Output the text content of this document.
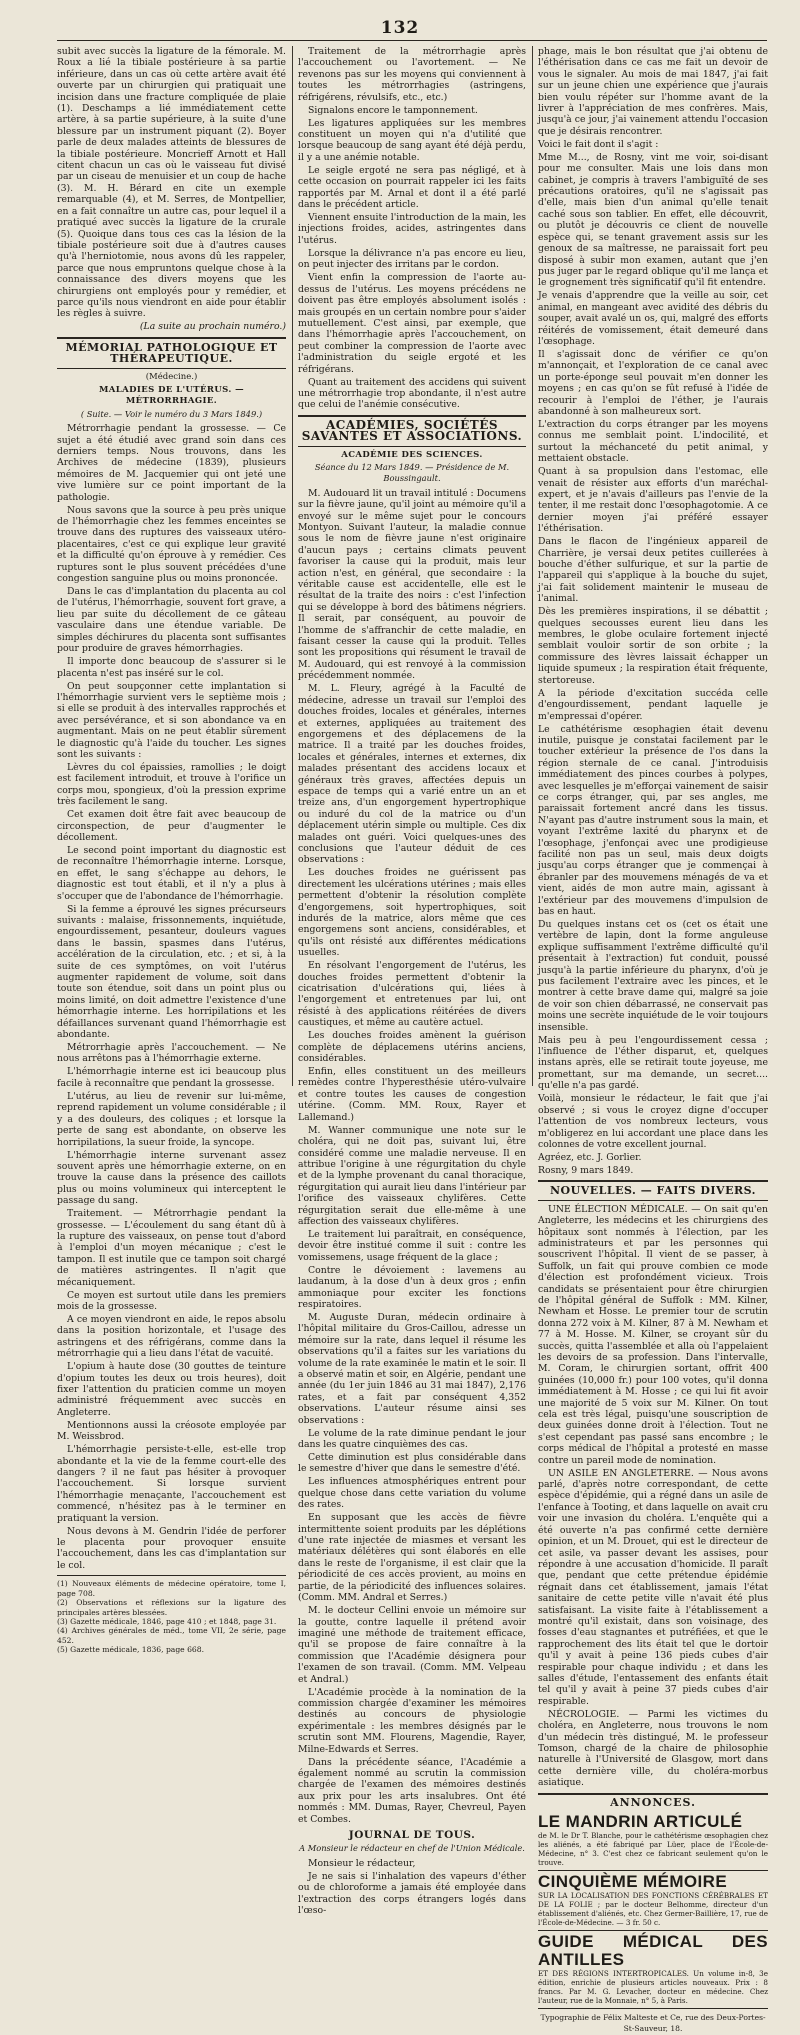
132

subit avec succès la ligature de la fémorale. M. Roux a lié la tibiale postérieure à sa partie inférieure, dans un cas où cette artère avait été ouverte par un chirurgien qui pratiquait une incision dans une fracture compliquée de plaie (1). Deschamps a lié immédiatement cette artère, à sa partie supérieure, à la suite d'une blessure par un instrument piquant (2). Boyer parle de deux malades atteints de blessures de la tibiale postérieure. Moncrieff Arnott et Hall citent chacun un cas où le vaisseau fut divisé par un ciseau de menuisier et un coup de hache (3). M. H. Bérard en cite un exemple remarquable (4), et M. Serres, de Montpellier, en a fait connaître un autre cas, pour lequel il a pratiqué avec succès la ligature de la crurale (5). Quoique dans tous ces cas la lésion de la tibiale postérieure soit due à d'autres causes qu'à l'herniotomie, nous avons dû les rappeler, parce que nous empruntons quelque chose à la connaissance des divers moyens que les chirurgiens ont employés pour y remédier, et parce qu'ils nous viendront en aide pour établir les règles à suivre.

(La suite au prochain numéro.)

MÉMORIAL PATHOLOGIQUE ET THÉRAPEUTIQUE.
(Médecine.)
MALADIES DE L'UTÉRUS. — MÉTRORRHAGIE.
( Suite. — Voir le numéro du 3 Mars 1849.)

Métrorrhagie pendant la grossesse. — Ce sujet a été étudié avec grand soin dans ces derniers temps. Nous trouvons, dans les Archives de médecine (1839), plusieurs mémoires de M. Jacquemier qui ont jeté une vive lumière sur ce point important de la pathologie.

Nous savons que la source à peu près unique de l'hémorrhagie chez les femmes enceintes se trouve dans des ruptures des vaisseaux utéro-placentaires, c'est ce qui explique leur gravité et la difficulté qu'on éprouve à y remédier. Ces ruptures sont le plus souvent précédées d'une congestion sanguine plus ou moins prononcée.

Dans le cas d'implantation du placenta au col de l'utérus, l'hémorrhagie, souvent fort grave, a lieu par suite du décollement de ce gâteau vasculaire dans une étendue variable. De simples déchirures du placenta sont suffisantes pour produire de graves hémorrhagies.

Il importe donc beaucoup de s'assurer si le placenta n'est pas inséré sur le col.

On peut soupçonner cette implantation si l'hémorrhagie survient vers le septième mois ; si elle se produit à des intervalles rapprochés et avec persévérance, et si son abondance va en augmentant. Mais on ne peut établir sûrement le diagnostic qu'à l'aide du toucher. Les signes sont les suivants :

Lèvres du col épaissies, ramollies ; le doigt est facilement introduit, et trouve à l'orifice un corps mou, spongieux, d'où la pression exprime très facilement le sang.

Cet examen doit être fait avec beaucoup de circonspection, de peur d'augmenter le décollement.

Le second point important du diagnostic est de reconnaître l'hémorrhagie interne. Lorsque, en effet, le sang s'échappe au dehors, le diagnostic est tout établi, et il n'y a plus à s'occuper que de l'abondance de l'hémorrhagie.

Si la femme a éprouvé les signes précurseurs suivants : malaise, frissonnements, inquiétude, engourdissement, pesanteur, douleurs vagues dans le bassin, spasmes dans l'utérus, accélération de la circulation, etc. ; et si, à la suite de ces symptômes, on voit l'utérus augmenter rapidement de volume, soit dans toute son étendue, soit dans un point plus ou moins limité, on doit admettre l'existence d'une hémorrhagie interne. Les horripilations et les défaillances survenant quand l'hémorrhagie est abondante.

Métrorrhagie après l'accouchement. — Ne nous arrêtons pas à l'hémorrhagie externe.

L'hémorrhagie interne est ici beaucoup plus facile à reconnaître que pendant la grossesse.

L'utérus, au lieu de revenir sur lui-même, reprend rapidement un volume considérable ; il y a des douleurs, des coliques ; et lorsque la perte de sang est abondante, on observe les horripilations, la sueur froide, la syncope.

L'hémorrhagie interne survenant assez souvent après une hémorrhagie externe, on en trouve la cause dans la présence des caillots plus ou moins volumineux qui interceptent le passage du sang.

Traitement. — Métrorrhagie pendant la grossesse. — L'écoulement du sang étant dû à la rupture des vaisseaux, on pense tout d'abord à l'emploi d'un moyen mécanique ; c'est le tampon. Il est inutile que ce tampon soit chargé de matières astringentes. Il n'agit que mécaniquement.

Ce moyen est surtout utile dans les premiers mois de la grossesse.

A ce moyen viendront en aide, le repos absolu dans la position horizontale, et l'usage des astringens et des réfrigérans, comme dans la métrorrhagie qui a lieu dans l'état de vacuité.

L'opium à haute dose (30 gouttes de teinture d'opium toutes les deux ou trois heures), doit fixer l'attention du praticien comme un moyen administré fréquemment avec succès en Angleterre.

Mentionnons aussi la créosote employée par M. Weissbrod.

L'hémorrhagie persiste-t-elle, est-elle trop abondante et la vie de la femme court-elle des dangers ? il ne faut pas hésiter à provoquer l'accouchement. Si lorsque survient l'hémorrhagie menaçante, l'accouchement est commencé, n'hésitez pas à le terminer en pratiquant la version.

Nous devons à M. Gendrin l'idée de perforer le placenta pour provoquer ensuite l'accouchement, dans les cas d'implantation sur le col.

(1) Nouveaux éléments de médecine opératoire, tome I, page 708.
(2) Observations et réflexions sur la ligature des principales artères blessées.
(3) Gazette médicale, 1846, page 410 ; et 1848, page 31.
(4) Archives générales de méd., tome VII, 2e série, page 452.
(5) Gazette médicale, 1836, page 668.

Traitement de la métrorrhagie après l'accouchement ou l'avortement. — Ne revenons pas sur les moyens qui conviennent à toutes les métrorrhagies (astringens, réfrigérens, révulsifs, etc., etc.)

Signalons encore le tamponnement.

Les ligatures appliquées sur les membres constituent un moyen qui n'a d'utilité que lorsque beaucoup de sang ayant été déjà perdu, il y a une anémie notable.

Le seigle ergoté ne sera pas négligé, et à cette occasion on pourrait rappeler ici les faits rapportés par M. Arnal et dont il a été parlé dans le précédent article.

Viennent ensuite l'introduction de la main, les injections froides, acides, astringentes dans l'utérus.

Lorsque la délivrance n'a pas encore eu lieu, on peut injecter des irritans par le cordon.

Vient enfin la compression de l'aorte au-dessus de l'utérus. Les moyens précédens ne doivent pas être employés absolument isolés : mais groupés en un certain nombre pour s'aider mutuellement. C'est ainsi, par exemple, que dans l'hémorrhagie après l'accouchement, on peut combiner la compression de l'aorte avec l'administration du seigle ergoté et les réfrigérans.

Quant au traitement des accidens qui suivent une métrorrhagie trop abondante, il n'est autre que celui de l'anémie consécutive.

ACADÉMIES, SOCIÉTÉS SAVANTES ET ASSOCIATIONS.
ACADÉMIE DES SCIENCES.
Séance du 12 Mars 1849. — Présidence de M. Boussingault.

M. Audouard lit un travail intitulé : Documens sur la fièvre jaune, qu'il joint au mémoire qu'il a envoyé sur le même sujet pour le concours Montyon. Suivant l'auteur, la maladie connue sous le nom de fièvre jaune n'est originaire d'aucun pays ; certains climats peuvent favoriser la cause qui la produit, mais leur action n'est, en général, que secondaire : la véritable cause est accidentelle, elle est le résultat de la traite des noirs : c'est l'infection qui se développe à bord des bâtimens négriers. Il serait, par conséquent, au pouvoir de l'homme de s'affranchir de cette maladie, en faisant cesser la cause qui la produit. Telles sont les propositions qui résument le travail de M. Audouard, qui est renvoyé à la commission précédemment nommée.

M. L. Fleury, agrégé à la Faculté de médecine, adresse un travail sur l'emploi des douches froides, locales et générales, internes et externes, appliquées au traitement des engorgemens et des déplacemens de la matrice. Il a traité par les douches froides, locales et générales, internes et externes, dix malades présentant des accidens locaux et généraux très graves, affectées depuis un espace de temps qui a varié entre un an et treize ans, d'un engorgement hypertrophique ou induré du col de la matrice ou d'un déplacement utérin simple ou multiple. Ces dix malades ont guéri. Voici quelques-unes des conclusions que l'auteur déduit de ces observations :

Les douches froides ne guérissent pas directement les ulcérations utérines ; mais elles permettent d'obtenir la résolution complète d'engorgemens, soit hypertrophiques, soit indurés de la matrice, alors même que ces engorgemens sont anciens, considérables, et qu'ils ont résisté aux différentes médications usuelles.

En résolvant l'engorgement de l'utérus, les douches froides permettent d'obtenir la cicatrisation d'ulcérations qui, liées à l'engorgement et entretenues par lui, ont résisté à des applications réitérées de divers caustiques, et même au cautère actuel.

Les douches froides amènent la guérison complète de déplacemens utérins anciens, considérables.

Enfin, elles constituent un des meilleurs remèdes contre l'hyperesthésie utéro-vulvaire et contre toutes les causes de congestion utérine. (Comm. MM. Roux, Rayer et Lallemand.)

M. Wanner communique une note sur le choléra, qui ne doit pas, suivant lui, être considéré comme une maladie nerveuse. Il en attribue l'origine à une régurgitation du chyle et de la lymphe provenant du canal thoracique, régurgitation qui aurait lieu dans l'intérieur par l'orifice des vaisseaux chylifères. Cette régurgitation serait due elle-même à une affection des vaisseaux chylifères.

Le traitement lui paraîtrait, en conséquence, devoir être institué comme il suit : contre les vomissemens, usage fréquent de la glace ;

Contre le dévoiement : lavemens au laudanum, à la dose d'un à deux gros ; enfin ammoniaque pour exciter les fonctions respiratoires.

M. Auguste Duran, médecin ordinaire à l'hôpital militaire du Gros-Caillou, adresse un mémoire sur la rate, dans lequel il résume les observations qu'il a faites sur les variations du volume de la rate examinée le matin et le soir. Il a observé matin et soir, en Algérie, pendant une année (du 1er juin 1846 au 31 mai 1847), 2,176 rates, et a fait par conséquent 4,352 observations. L'auteur résume ainsi ses observations :

Le volume de la rate diminue pendant le jour dans les quatre cinquièmes des cas.

Cette diminution est plus considérable dans le semestre d'hiver que dans le semestre d'été.

Les influences atmosphériques entrent pour quelque chose dans cette variation du volume des rates.

En supposant que les accès de fièvre intermittente soient produits par les déplétions d'une rate injectée de miasmes et versant les matériaux délétères qui sont élaborés en elle dans le reste de l'organisme, il est clair que la périodicité de ces accès provient, au moins en partie, de la périodicité des influences solaires. (Comm. MM. Andral et Serres.)

M. le docteur Cellini envoie un mémoire sur la goutte, contre laquelle il prétend avoir imaginé une méthode de traitement efficace, qu'il se propose de faire connaître à la commission que l'Académie désignera pour l'examen de son travail. (Comm. MM. Velpeau et Andral.)

L'Académie procède à la nomination de la commission chargée d'examiner les mémoires destinés au concours de physiologie expérimentale : les membres désignés par le scrutin sont MM. Flourens, Magendie, Rayer, Milne-Edwards et Serres.

Dans la précédente séance, l'Académie a également nommé au scrutin la commission chargée de l'examen des mémoires destinés aux prix pour les arts insalubres. Ont été nommés : MM. Dumas, Rayer, Chevreul, Payen et Combes.

JOURNAL DE TOUS.
A Monsieur le rédacteur en chef de l'Union Médicale.

Monsieur le rédacteur,

Je ne sais si l'inhalation des vapeurs d'éther ou de chloroforme a jamais été employée dans l'extraction des corps étrangers logés dans l'œso-

phage, mais le bon résultat que j'ai obtenu de l'éthérisation dans ce cas me fait un devoir de vous le signaler. Au mois de mai 1847, j'ai fait sur un jeune chien une expérience que j'aurais bien voulu répéter sur l'homme avant de la livrer à l'appréciation de mes confrères. Mais, jusqu'à ce jour, j'ai vainement attendu l'occasion que je désirais rencontrer.

Voici le fait dont il s'agit :

Mme M..., de Rosny, vint me voir, soi-disant pour me consulter. Mais une lois dans mon cabinet, je compris à travers l'ambiguïté de ses précautions oratoires, qu'il ne s'agissait pas d'elle, mais bien d'un animal qu'elle tenait caché sous son tablier. En effet, elle découvrit, ou plutôt je découvris ce client de nouvelle espèce qui, se tenant gravement assis sur les genoux de sa maîtresse, ne paraissait fort peu disposé à subir mon examen, autant que j'en pus juger par le regard oblique qu'il me lança et le grognement très significatif qu'il fit entendre.

Je venais d'apprendre que la veille au soir, cet animal, en mangeant avec avidité des débris du souper, avait avalé un os, qui, malgré des efforts réitérés de vomissement, était demeuré dans l'œsophage.

Il s'agissait donc de vérifier ce qu'on m'annonçait, et l'exploration de ce canal avec un porte-éponge seul pouvait m'en donner les moyens ; en cas qu'on se fût refusé à l'idée de recourir à l'emploi de l'éther, je l'aurais abandonné à son malheureux sort.

L'extraction du corps étranger par les moyens connus me semblait point. L'indocilité, et surtout la méchanceté du petit animal, y mettaient obstacle.

Quant à sa propulsion dans l'estomac, elle venait de résister aux efforts d'un maréchal-expert, et je n'avais d'ailleurs pas l'envie de la tenter, il me restait donc l'œsophagotomie. A ce dernier moyen j'ai préféré essayer l'éthérisation.

Dans le flacon de l'ingénieux appareil de Charrière, je versai deux petites cuillerées à bouche d'éther sulfurique, et sur la partie de l'appareil qui s'applique à la bouche du sujet, j'ai fait solidement maintenir le museau de l'animal.

Dès les premières inspirations, il se débattit ; quelques secousses eurent lieu dans les membres, le globe oculaire fortement injecté semblait vouloir sortir de son orbite ; la commissure des lèvres laissait échapper un liquide spumeux ; la respiration était fréquente, stertoreuse.

A la période d'excitation succéda celle d'engourdissement, pendant laquelle je m'empressai d'opérer.

Le cathétérisme œsophagien était devenu inutile, puisque je constatai facilement par le toucher extérieur la présence de l'os dans la région sternale de ce canal. J'introduisis immédiatement des pinces courbes à polypes, avec lesquelles je m'efforçai vainement de saisir ce corps étranger, qui, par ses angles, me paraissait fortement ancré dans les tissus. N'ayant pas d'autre instrument sous la main, et voyant l'extrême laxité du pharynx et de l'œsophage, j'enfonçai avec une prodigieuse facilité non pas un seul, mais deux doigts jusqu'au corps étranger que je commençai à ébranler par des mouvemens ménagés de va et vient, aidés de mon autre main, agissant à l'extérieur par des mouvemens d'impulsion de bas en haut.

Du quelques instans cet os (cet os était une vertèbre de lapin, dont la forme anguleuse explique suffisamment l'extrême difficulté qu'il présentait à l'extraction) fut conduit, poussé jusqu'à la partie inférieure du pharynx, d'où je pus facilement l'extraire avec les pinces, et le montrer à cette brave dame qui, malgré sa joie de voir son chien débarrassé, ne conservait pas moins une secrète inquiétude de le voir toujours insensible.

Mais peu à peu l'engourdissement cessa ; l'influence de l'éther disparut, et, quelques instans après, elle se retirait toute joyeuse, me promettant, sur ma demande, un secret.... qu'elle n'a pas gardé.

Voilà, monsieur le rédacteur, le fait que j'ai observé ; si vous le croyez digne d'occuper l'attention de vos nombreux lecteurs, vous m'obligerez en lui accordant une place dans les colonnes de votre excellent journal.

Agréez, etc. J. Gorlier.

Rosny, 9 mars 1849.

NOUVELLES. — FAITS DIVERS.

UNE ÉLECTION MÉDICALE. — On sait qu'en Angleterre, les médecins et les chirurgiens des hôpitaux sont nommés à l'élection, par les administrateurs et par les personnes qui souscrivent l'hôpital. Il vient de se passer, à Suffolk, un fait qui prouve combien ce mode d'élection est profondément vicieux. Trois candidats se présentaient pour être chirurgien de l'hôpital général de Suffolk : MM. Kilner, Newham et Hosse. Le premier tour de scrutin donna 272 voix à M. Kilner, 87 à M. Newham et 77 à M. Hosse. M. Kilner, se croyant sûr du succès, quitta l'assemblée et alla où l'appelaient les devoirs de sa profession. Dans l'intervalle, M. Coram, le chirurgien sortant, offrit 400 guinées (10,000 fr.) pour 100 votes, qu'il donna immédiatement à M. Hosse ; ce qui lui fit avoir une majorité de 5 voix sur M. Kilner. On tout cela est très légal, puisqu'une souscription de deux guinées donne droit à l'élection. Tout ne s'est cependant pas passé sans encombre ; le corps médical de l'hôpital a protesté en masse contre un pareil mode de nomination.

UN ASILE EN ANGLETERRE. — Nous avons parlé, d'après notre correspondant, de cette espèce d'épidémie, qui a régné dans un asile de l'enfance à Tooting, et dans laquelle on avait cru voir une invasion du choléra. L'enquête qui a été ouverte n'a pas confirmé cette dernière opinion, et un M. Drouet, qui est le directeur de cet asile, va passer devant les assises, pour répondre à une accusation d'homicide. Il paraît que, pendant que cette prétendue épidémie régnait dans cet établissement, jamais l'état sanitaire de cette petite ville n'avait été plus satisfaisant. La visite faite à l'établissement a montré qu'il existait, dans son voisinage, des fosses d'eau stagnantes et putréfiées, et que le rapprochement des lits était tel que le dortoir qu'il y avait à peine 136 pieds cubes d'air respirable pour chaque individu ; et dans les salles d'étude, l'entassement des enfants était tel qu'il y avait à peine 37 pieds cubes d'air respirable.

NÉCROLOGIE. — Parmi les victimes du choléra, en Angleterre, nous trouvons le nom d'un médecin très distingué, M. le professeur Tomson, chargé de la chaire de philosophie naturelle à l'Université de Glasgow, mort dans cette dernière ville, du choléra-morbus asiatique.

ANNONCES.
LE MANDRIN ARTICULÉ
de M. le Dr T. Blanche, pour le cathétérisme œsophagien chez les aliénés, a été fabriqué par Lüer, place de l'École-de-Médecine, n° 3. C'est chez ce fabricant seulement qu'on le trouve.
CINQUIÈME MÉMOIRE
SUR LA LOCALISATION DES FONCTIONS CÉRÉBRALES ET DE LA FOLIE ; par le docteur Belhomme, directeur d'un établissement d'aliénés, etc. Chez Germer-Baillière, 17, rue de l'École-de-Médecine. — 3 fr. 50 c.
GUIDE MÉDICAL DES ANTILLES
ET DES RÉGIONS INTERTROPICALES. Un volume in-8, 3e édition, enrichie de plusieurs articles nouveaux. Prix : 8 francs. Par M. G. Levacher, docteur en médecine. Chez l'auteur, rue de la Monnaie, n° 5, à Paris.
Typographie de Félix Malteste et Ce, rue des Deux-Portes-St-Sauveur, 18.
